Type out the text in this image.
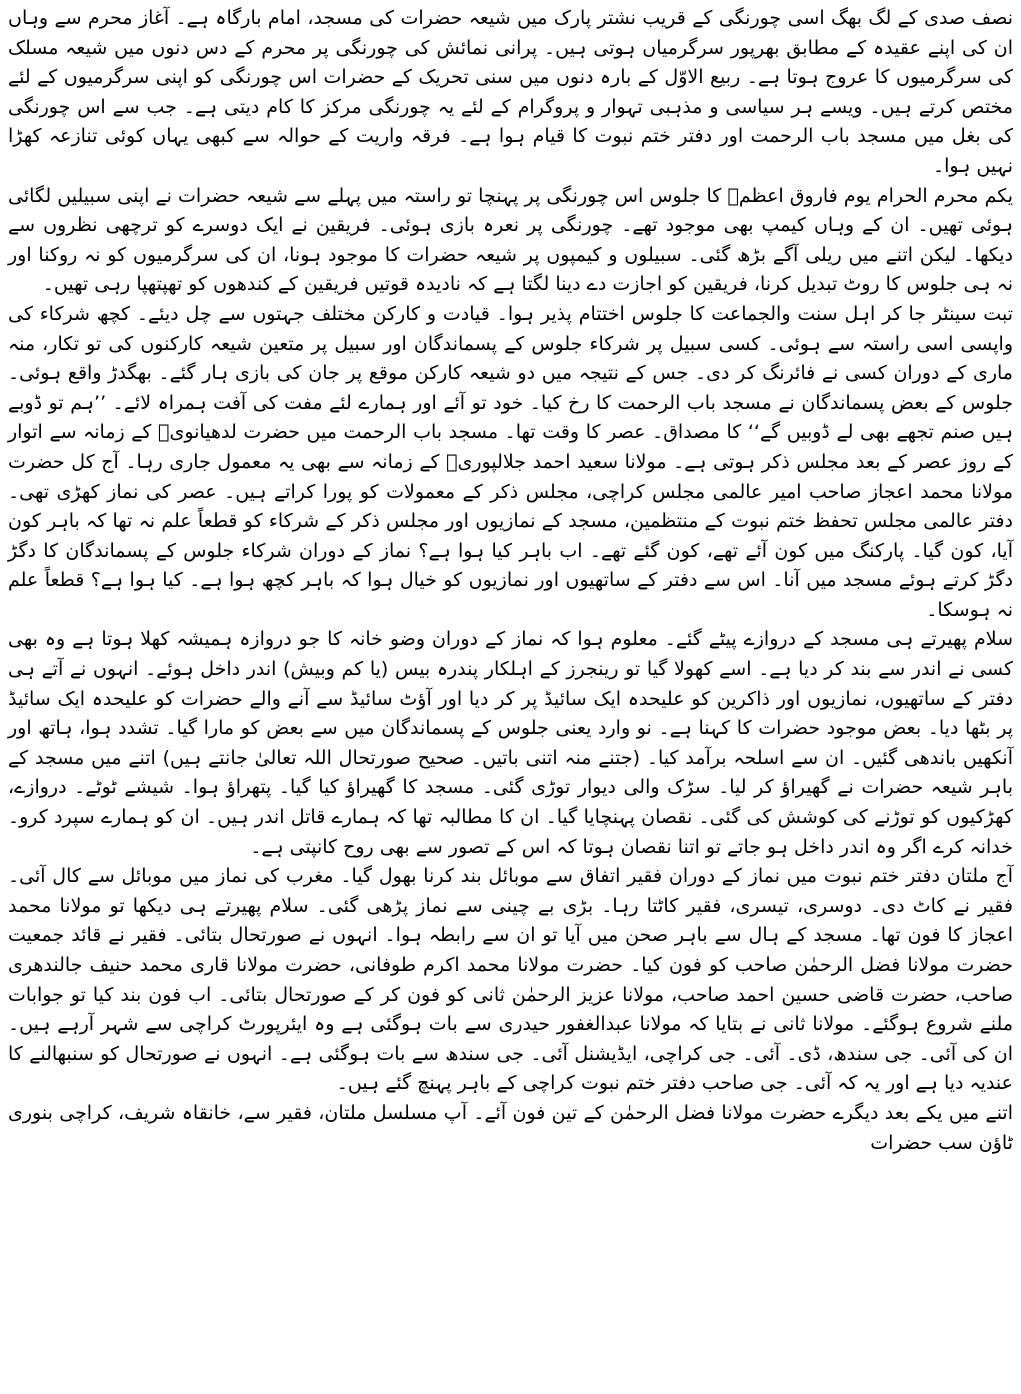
نصف صدی کے لگ بھگ اسی چورنگی کے قریب نشتر پارک میں شیعہ حضرات کی مسجد، امام بارگاہ ہے۔ آغاز محرم سے وہاں ان کی اپنے عقیدہ کے مطابق بھرپور سرگرمیاں ہوتی ہیں۔ پرانی نمائش کی چورنگی پر محرم کے دس دنوں میں شیعہ مسلک کی سرگرمیوں کا عروج ہوتا ہے۔ ربیع الاوّل کے بارہ دنوں میں سنی تحریک کے حضرات اس چورنگی کو اپنی سرگرمیوں کے لئے مختص کرتے ہیں۔ ویسے ہر سیاسی و مذہبی تہوار و پروگرام کے لئے یہ چورنگی مرکز کا کام دیتی ہے۔ جب سے اس چورنگی کی بغل میں مسجد باب الرحمت اور دفتر ختم نبوت کا قیام ہوا ہے۔ فرقہ واریت کے حوالہ سے کبھی یہاں کوئی تنازعہ کھڑا نہیں ہوا۔

یکم محرم الحرام یوم فاروق اعظمؓ کا جلوس اس چورنگی پر پہنچا تو راستہ میں پہلے سے شیعہ حضرات نے اپنی سبیلیں لگائی ہوئی تھیں۔ ان کے وہاں کیمپ بھی موجود تھے۔ چورنگی پر نعرہ بازی ہوئی۔ فریقین نے ایک دوسرے کو ترچھی نظروں سے دیکھا۔ لیکن اتنے میں ریلی آگے بڑھ گئی۔ سبیلوں و کیمپوں پر شیعہ حضرات کا موجود ہونا، ان کی سرگرمیوں کو نہ روکنا اور نہ ہی جلوس کا روٹ تبدیل کرنا، فریقین کو اجازت دے دینا لگتا ہے کہ نادیدہ قوتیں فریقین کے کندھوں کو تھپتھپا رہی تھیں۔

تبت سینٹر جا کر اہل سنت والجماعت کا جلوس اختتام پذیر ہوا۔ قیادت و کارکن مختلف جہتوں سے چل دیئے۔ کچھ شرکاء کی واپسی اسی راستہ سے ہوئی۔ کسی سبیل پر شرکاء جلوس کے پسماندگان اور سبیل پر متعین شیعہ کارکنوں کی تو تکار، منہ ماری کے دوران کسی نے فائرنگ کر دی۔ جس کے نتیجہ میں دو شیعہ کارکن موقع پر جان کی بازی ہار گئے۔ بھگدڑ واقع ہوئی۔ جلوس کے بعض پسماندگان نے مسجد باب الرحمت کا رخ کیا۔ خود تو آئے اور ہمارے لئے مفت کی آفت ہمراہ لائے۔ ’’ہم تو ڈوبے ہیں صنم تجھے بھی لے ڈوبیں گے‘‘ کا مصداق۔ عصر کا وقت تھا۔ مسجد باب الرحمت میں حضرت لدھیانویؒ کے زمانہ سے اتوار کے روز عصر کے بعد مجلس ذکر ہوتی ہے۔ مولانا سعید احمد جلالپوریؒ کے زمانہ سے بھی یہ معمول جاری رہا۔ آج کل حضرت مولانا محمد اعجاز صاحب امیر عالمی مجلس کراچی، مجلس ذکر کے معمولات کو پورا کراتے ہیں۔ عصر کی نماز کھڑی تھی۔ دفتر عالمی مجلس تحفظ ختم نبوت کے منتظمین، مسجد کے نمازیوں اور مجلس ذکر کے شرکاء کو قطعاً علم نہ تھا کہ باہر کون آیا، کون گیا۔ پارکنگ میں کون آئے تھے، کون گئے تھے۔ اب باہر کیا ہوا ہے؟ نماز کے دوران شرکاء جلوس کے پسماندگان کا دگڑ دگڑ کرتے ہوئے مسجد میں آنا۔ اس سے دفتر کے ساتھیوں اور نمازیوں کو خیال ہوا کہ باہر کچھ ہوا ہے۔ کیا ہوا ہے؟ قطعاً علم نہ ہوسکا۔

سلام پھیرتے ہی مسجد کے دروازے پیٹے گئے۔ معلوم ہوا کہ نماز کے دوران وضو خانہ کا جو دروازہ ہمیشہ کھلا ہوتا ہے وہ بھی کسی نے اندر سے بند کر دیا ہے۔ اسے کھولا گیا تو رینجرز کے اہلکار پندرہ بیس (یا کم وبیش) اندر داخل ہوئے۔ انہوں نے آتے ہی دفتر کے ساتھیوں، نمازیوں اور ذاکرین کو علیحدہ ایک سائیڈ پر کر دیا اور آؤٹ سائیڈ سے آنے والے حضرات کو علیحدہ ایک سائیڈ پر بٹھا دیا۔ بعض موجود حضرات کا کہنا ہے۔ نو وارد یعنی جلوس کے پسماندگان میں سے بعض کو مارا گیا۔ تشدد ہوا، ہاتھ اور آنکھیں باندھی گئیں۔ ان سے اسلحہ برآمد کیا۔ (جتنے منہ اتنی باتیں۔ صحیح صورتحال اللہ تعالیٰ جانتے ہیں) اتنے میں مسجد کے باہر شیعہ حضرات نے گھیراؤ کر لیا۔ سڑک والی دیوار توڑی گئی۔ مسجد کا گھیراؤ کیا گیا۔ پتھراؤ ہوا۔ شیشے ٹوٹے۔ دروازے، کھڑکیوں کو توڑنے کی کوشش کی گئی۔ نقصان پہنچایا گیا۔ ان کا مطالبہ تھا کہ ہمارے قاتل اندر ہیں۔ ان کو ہمارے سپرد کرو۔ خدانہ کرے اگر وہ اندر داخل ہو جاتے تو اتنا نقصان ہوتا کہ اس کے تصور سے بھی روح کانپتی ہے۔

آج ملتان دفتر ختم نبوت میں نماز کے دوران فقیر اتفاق سے موبائل بند کرنا بھول گیا۔ مغرب کی نماز میں موبائل سے کال آئی۔ فقیر نے کاٹ دی۔ دوسری، تیسری، فقیر کاٹتا رہا۔ بڑی بے چینی سے نماز پڑھی گئی۔ سلام پھیرتے ہی دیکھا تو مولانا محمد اعجاز کا فون تھا۔ مسجد کے ہال سے باہر صحن میں آیا تو ان سے رابطہ ہوا۔ انہوں نے صورتحال بتائی۔ فقیر نے قائد جمعیت حضرت مولانا فضل الرحمٰن صاحب کو فون کیا۔ حضرت مولانا محمد اکرم طوفانی، حضرت مولانا قاری محمد حنیف جالندھری صاحب، حضرت قاضی حسین احمد صاحب، مولانا عزیز الرحمٰن ثانی کو فون کر کے صورتحال بتائی۔ اب فون بند کیا تو جوابات ملنے شروع ہوگئے۔ مولانا ثانی نے بتایا کہ مولانا عبدالغفور حیدری سے بات ہوگئی ہے وہ ایئرپورٹ کراچی سے شہر آرہے ہیں۔ ان کی آئی۔ جی سندھ، ڈی۔ آئی۔ جی کراچی، ایڈیشنل آئی۔ جی سندھ سے بات ہوگئی ہے۔ انہوں نے صورتحال کو سنبھالنے کا عندیہ دیا ہے اور یہ کہ آئی۔ جی صاحب دفتر ختم نبوت کراچی کے باہر پہنچ گئے ہیں۔

اتنے میں یکے بعد دیگرے حضرت مولانا فضل الرحمٰن کے تین فون آئے۔ آپ مسلسل ملتان، فقیر سے، خانقاہ شریف، کراچی بنوری ٹاؤن سب حضرات
